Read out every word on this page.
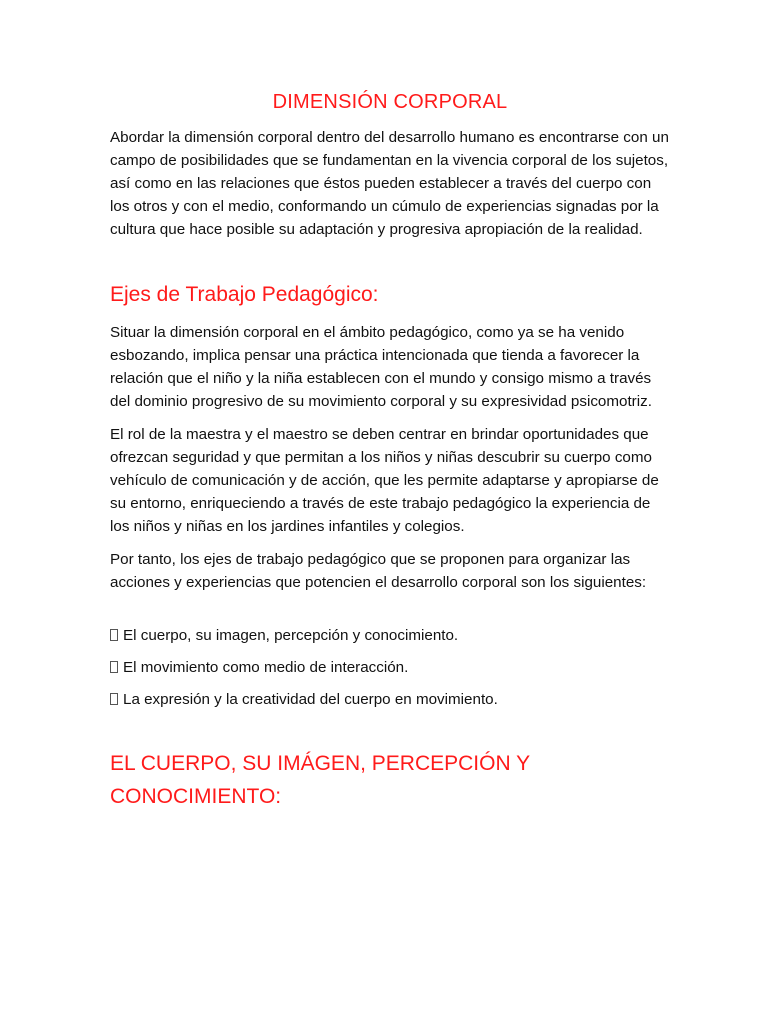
DIMENSIÓN CORPORAL

Abordar la dimensión corporal dentro del desarrollo humano es encontrarse con un campo de posibilidades que se fundamentan en la vivencia corporal de los sujetos, así como en las relaciones que éstos pueden establecer a través del cuerpo con los otros y con el medio, conformando un cúmulo de experiencias signadas por la cultura que hace posible su adaptación y progresiva apropiación de la realidad.

Ejes de Trabajo Pedagógico:

Situar la dimensión corporal en el ámbito pedagógico, como ya se ha venido esbozando, implica pensar una práctica intencionada que tienda a favorecer la relación que el niño y la niña establecen con el mundo y consigo mismo a través del dominio progresivo de su movimiento corporal y su expresividad psicomotriz.

El rol de la maestra y el maestro se deben centrar en brindar oportunidades que ofrezcan seguridad y que permitan a los niños y niñas descubrir su cuerpo como vehículo de comunicación y de acción, que les permite adaptarse y apropiarse de su entorno, enriqueciendo a través de este trabajo pedagógico la experiencia de los niños y niñas en los jardines infantiles y colegios.

Por tanto, los ejes de trabajo pedagógico que se proponen para organizar las acciones y experiencias que potencien el desarrollo corporal son los siguientes:

El cuerpo, su imagen, percepción y conocimiento.

El movimiento como medio de interacción.

La expresión y la creatividad del cuerpo en movimiento.

EL CUERPO, SU IMÁGEN, PERCEPCIÓN Y CONOCIMIENTO:
